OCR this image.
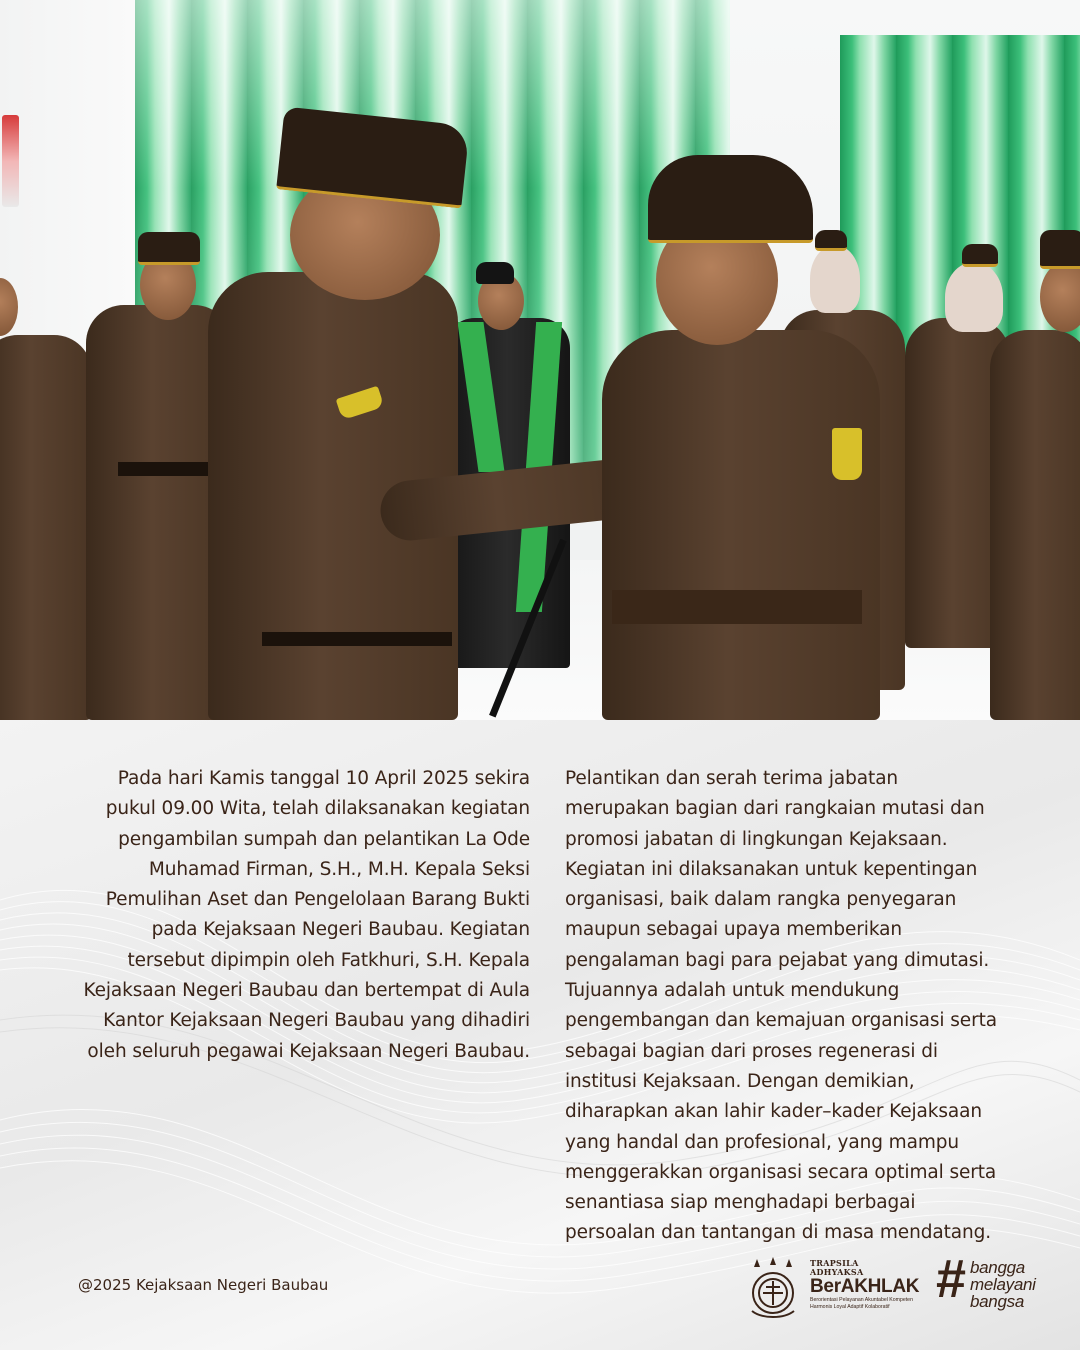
Pada hari Kamis tanggal 10 April 2025 sekira pukul 09.00 Wita, telah dilaksanakan kegiatan pengambilan sumpah dan pelantikan La Ode Muhamad Firman, S.H., M.H. Kepala Seksi Pemulihan Aset dan Pengelolaan Barang Bukti pada Kejaksaan Negeri Baubau. Kegiatan tersebut dipimpin oleh Fatkhuri, S.H. Kepala Kejaksaan Negeri Baubau dan bertempat di Aula Kantor Kejaksaan Negeri Baubau yang dihadiri oleh seluruh pegawai Kejaksaan Negeri Baubau.
Pelantikan dan serah terima jabatan merupakan bagian dari rangkaian mutasi dan promosi jabatan di lingkungan Kejaksaan. Kegiatan ini dilaksanakan untuk kepentingan organisasi, baik dalam rangka penyegaran maupun sebagai upaya memberikan pengalaman bagi para pejabat yang dimutasi. Tujuannya adalah untuk mendukung pengembangan dan kemajuan organisasi serta sebagai bagian dari proses regenerasi di institusi Kejaksaan. Dengan demikian, diharapkan akan lahir kader–kader Kejaksaan yang handal dan profesional, yang mampu menggerakkan organisasi secara optimal serta senantiasa siap menghadapi berbagai persoalan dan tantangan di masa mendatang.
@2025 Kejaksaan Negeri Baubau
TRAPSILA
ADHYAKSA
BerAKHLAK
Berorientasi Pelayanan Akuntabel Kompeten
Harmonis Loyal Adaptif Kolaboratif # bangga
melayani
bangsa
